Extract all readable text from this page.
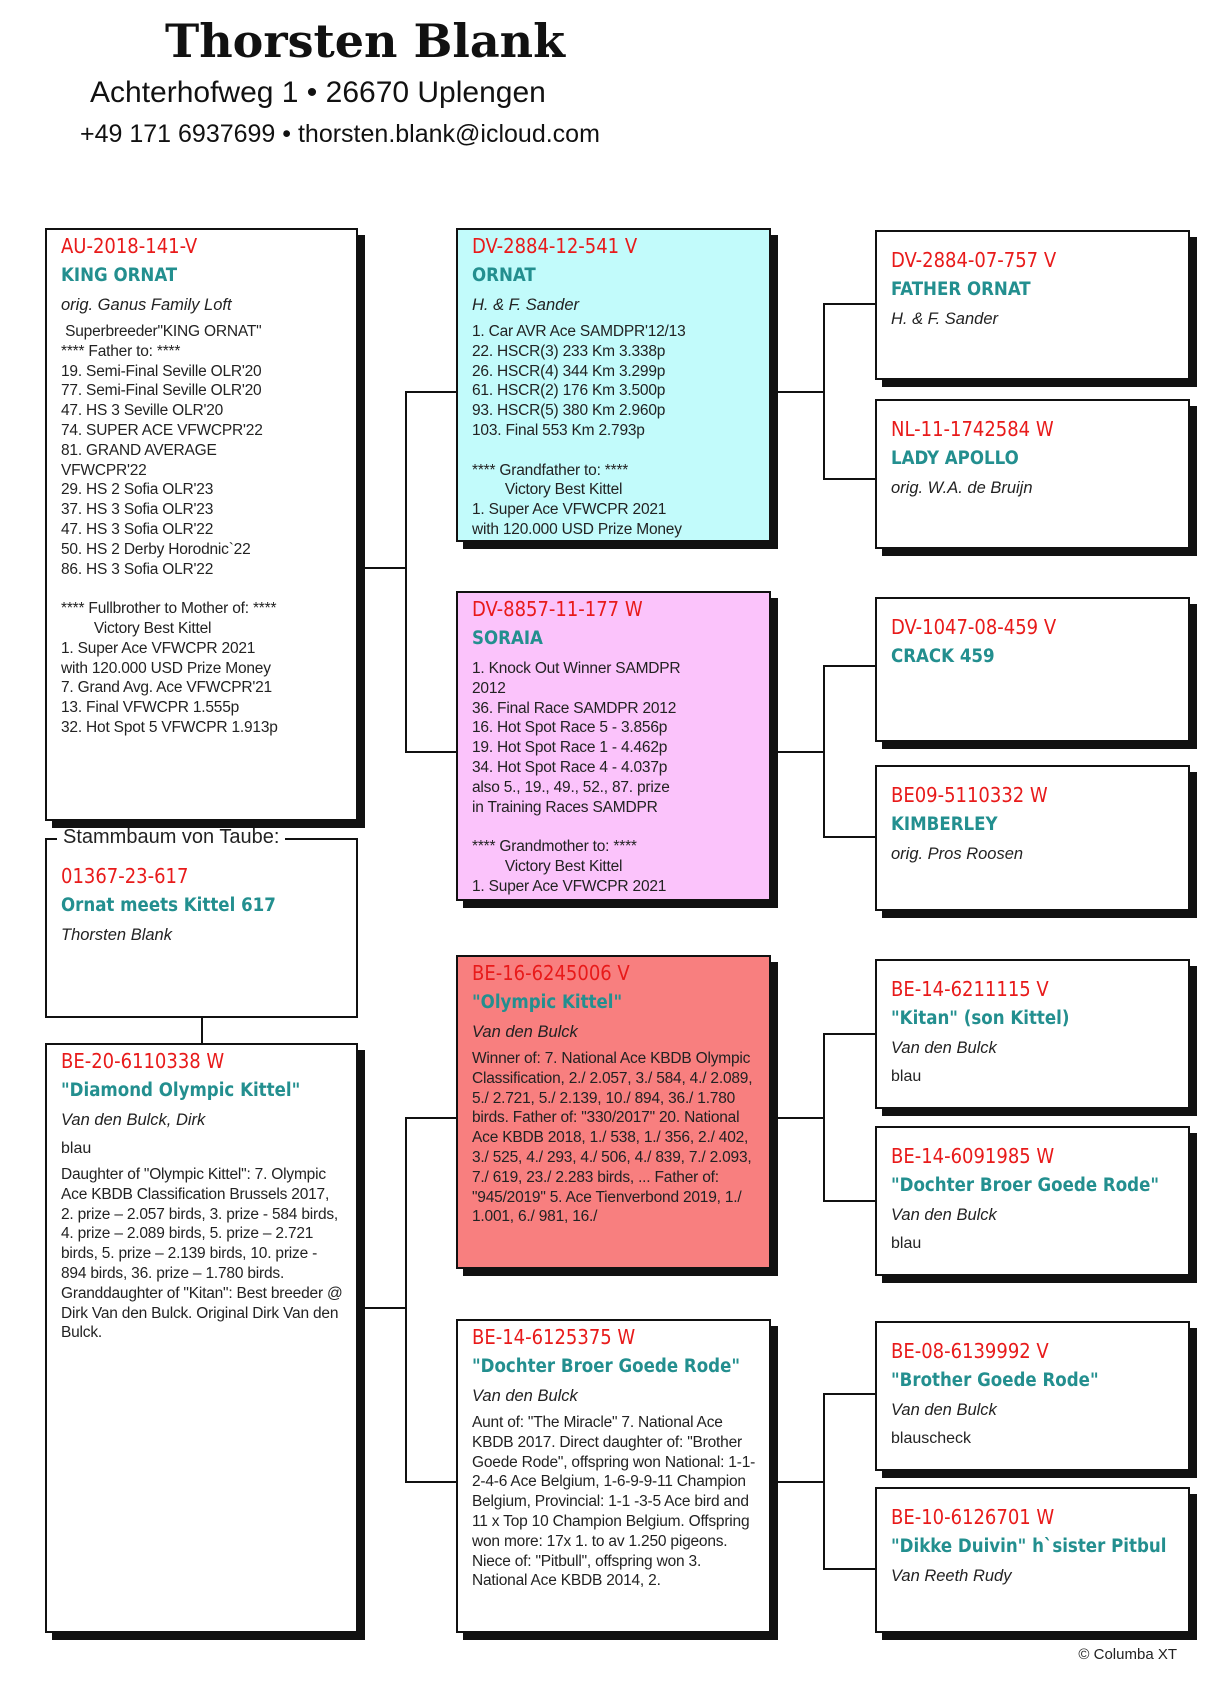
Thorsten Blank
Achterhofweg 1 • 26670 Uplengen
+49 171 6937699 • thorsten.blank@icloud.com
01367-23-617
Ornat meets Kittel 617
Thorsten Blank
Stammbaum von Taube:
AU-2018-141-V
KING ORNAT
orig. Ganus Family Loft
Superbreeder"KING ORNAT"
**** Father to: ****
19. Semi-Final Seville OLR'20
77. Semi-Final Seville OLR'20
47. HS 3 Seville OLR'20
74. SUPER ACE VFWCPR'22
81. GRAND AVERAGE
VFWCPR'22
29. HS 2 Sofia OLR'23
37. HS 3 Sofia OLR'23
47. HS 3 Sofia OLR'22
50. HS 2 Derby Horodnic`22
86. HS 3 Sofia OLR'22

**** Fullbrother to Mother of: ****
Victory Best Kittel
1. Super Ace VFWCPR 2021
with 120.000 USD Prize Money
7. Grand Avg. Ace VFWCPR'21
13. Final VFWCPR 1.555p
32. Hot Spot 5 VFWCPR 1.913p
BE-20-6110338 W
"Diamond Olympic Kittel"
Van den Bulck, Dirk
blau
Daughter of "Olympic Kittel": 7. Olympic Ace KBDB Classification Brussels 2017, 2. prize – 2.057 birds, 3. prize - 584 birds, 4. prize – 2.089 birds, 5. prize – 2.721 birds, 5. prize – 2.139 birds, 10. prize - 894 birds, 36. prize – 1.780 birds. Granddaughter of "Kitan": Best breeder @ Dirk Van den Bulck. Original Dirk Van den Bulck.
DV-2884-12-541 V
ORNAT
H. & F. Sander
1. Car AVR Ace SAMDPR'12/13
22. HSCR(3) 233 Km 3.338p
26. HSCR(4) 344 Km 3.299p
61. HSCR(2) 176 Km 3.500p
93. HSCR(5) 380 Km 2.960p
103. Final 553 Km 2.793p

**** Grandfather to: ****
Victory Best Kittel
1. Super Ace VFWCPR 2021
with 120.000 USD Prize Money
DV-8857-11-177 W
SORAIA
1. Knock Out Winner SAMDPR
2012
36. Final Race SAMDPR 2012
16. Hot Spot Race 5 - 3.856p
19. Hot Spot Race 1 - 4.462p
34. Hot Spot Race 4 - 4.037p
also 5., 19., 49., 52., 87. prize
in Training Races SAMDPR

**** Grandmother to: ****
Victory Best Kittel
1. Super Ace VFWCPR 2021
BE-16-6245006 V
"Olympic Kittel"
Van den Bulck
Winner of: 7. National Ace KBDB Olympic Classification, 2./ 2.057, 3./ 584, 4./ 2.089, 5./ 2.721, 5./ 2.139, 10./ 894, 36./ 1.780 birds. Father of: "330/2017" 20. National Ace KBDB 2018, 1./ 538, 1./ 356, 2./ 402, 3./ 525, 4./ 293, 4./ 506, 4./ 839, 7./ 2.093, 7./ 619, 23./ 2.283 birds, ... Father of: "945/2019" 5. Ace Tienverbond 2019, 1./ 1.001, 6./ 981, 16./
BE-14-6125375 W
"Dochter Broer Goede Rode"
Van den Bulck
Aunt of: "The Miracle" 7. National Ace KBDB 2017. Direct daughter of: "Brother Goede Rode", offspring won National: 1-1-2-4-6 Ace Belgium, 1-6-9-9-11 Champion Belgium, Provincial: 1-1 -3-5 Ace bird and 11 x Top 10 Champion Belgium. Offspring won more: 17x 1. to av 1.250 pigeons. Niece of: "Pitbull", offspring won 3. National Ace KBDB 2014, 2.
DV-2884-07-757 V
FATHER ORNAT
H. & F. Sander
NL-11-1742584 W
LADY APOLLO
orig. W.A. de Bruijn
DV-1047-08-459 V
CRACK 459
BE09-5110332 W
KIMBERLEY
orig. Pros Roosen
BE-14-6211115 V
"Kitan" (son Kittel)
Van den Bulck
blau
BE-14-6091985 W
"Dochter Broer Goede Rode"
Van den Bulck
blau
BE-08-6139992 V
"Brother Goede Rode"
Van den Bulck
blauscheck
BE-10-6126701 W
"Dikke Duivin" h`sister Pitbul
Van Reeth Rudy
© Columba XT
